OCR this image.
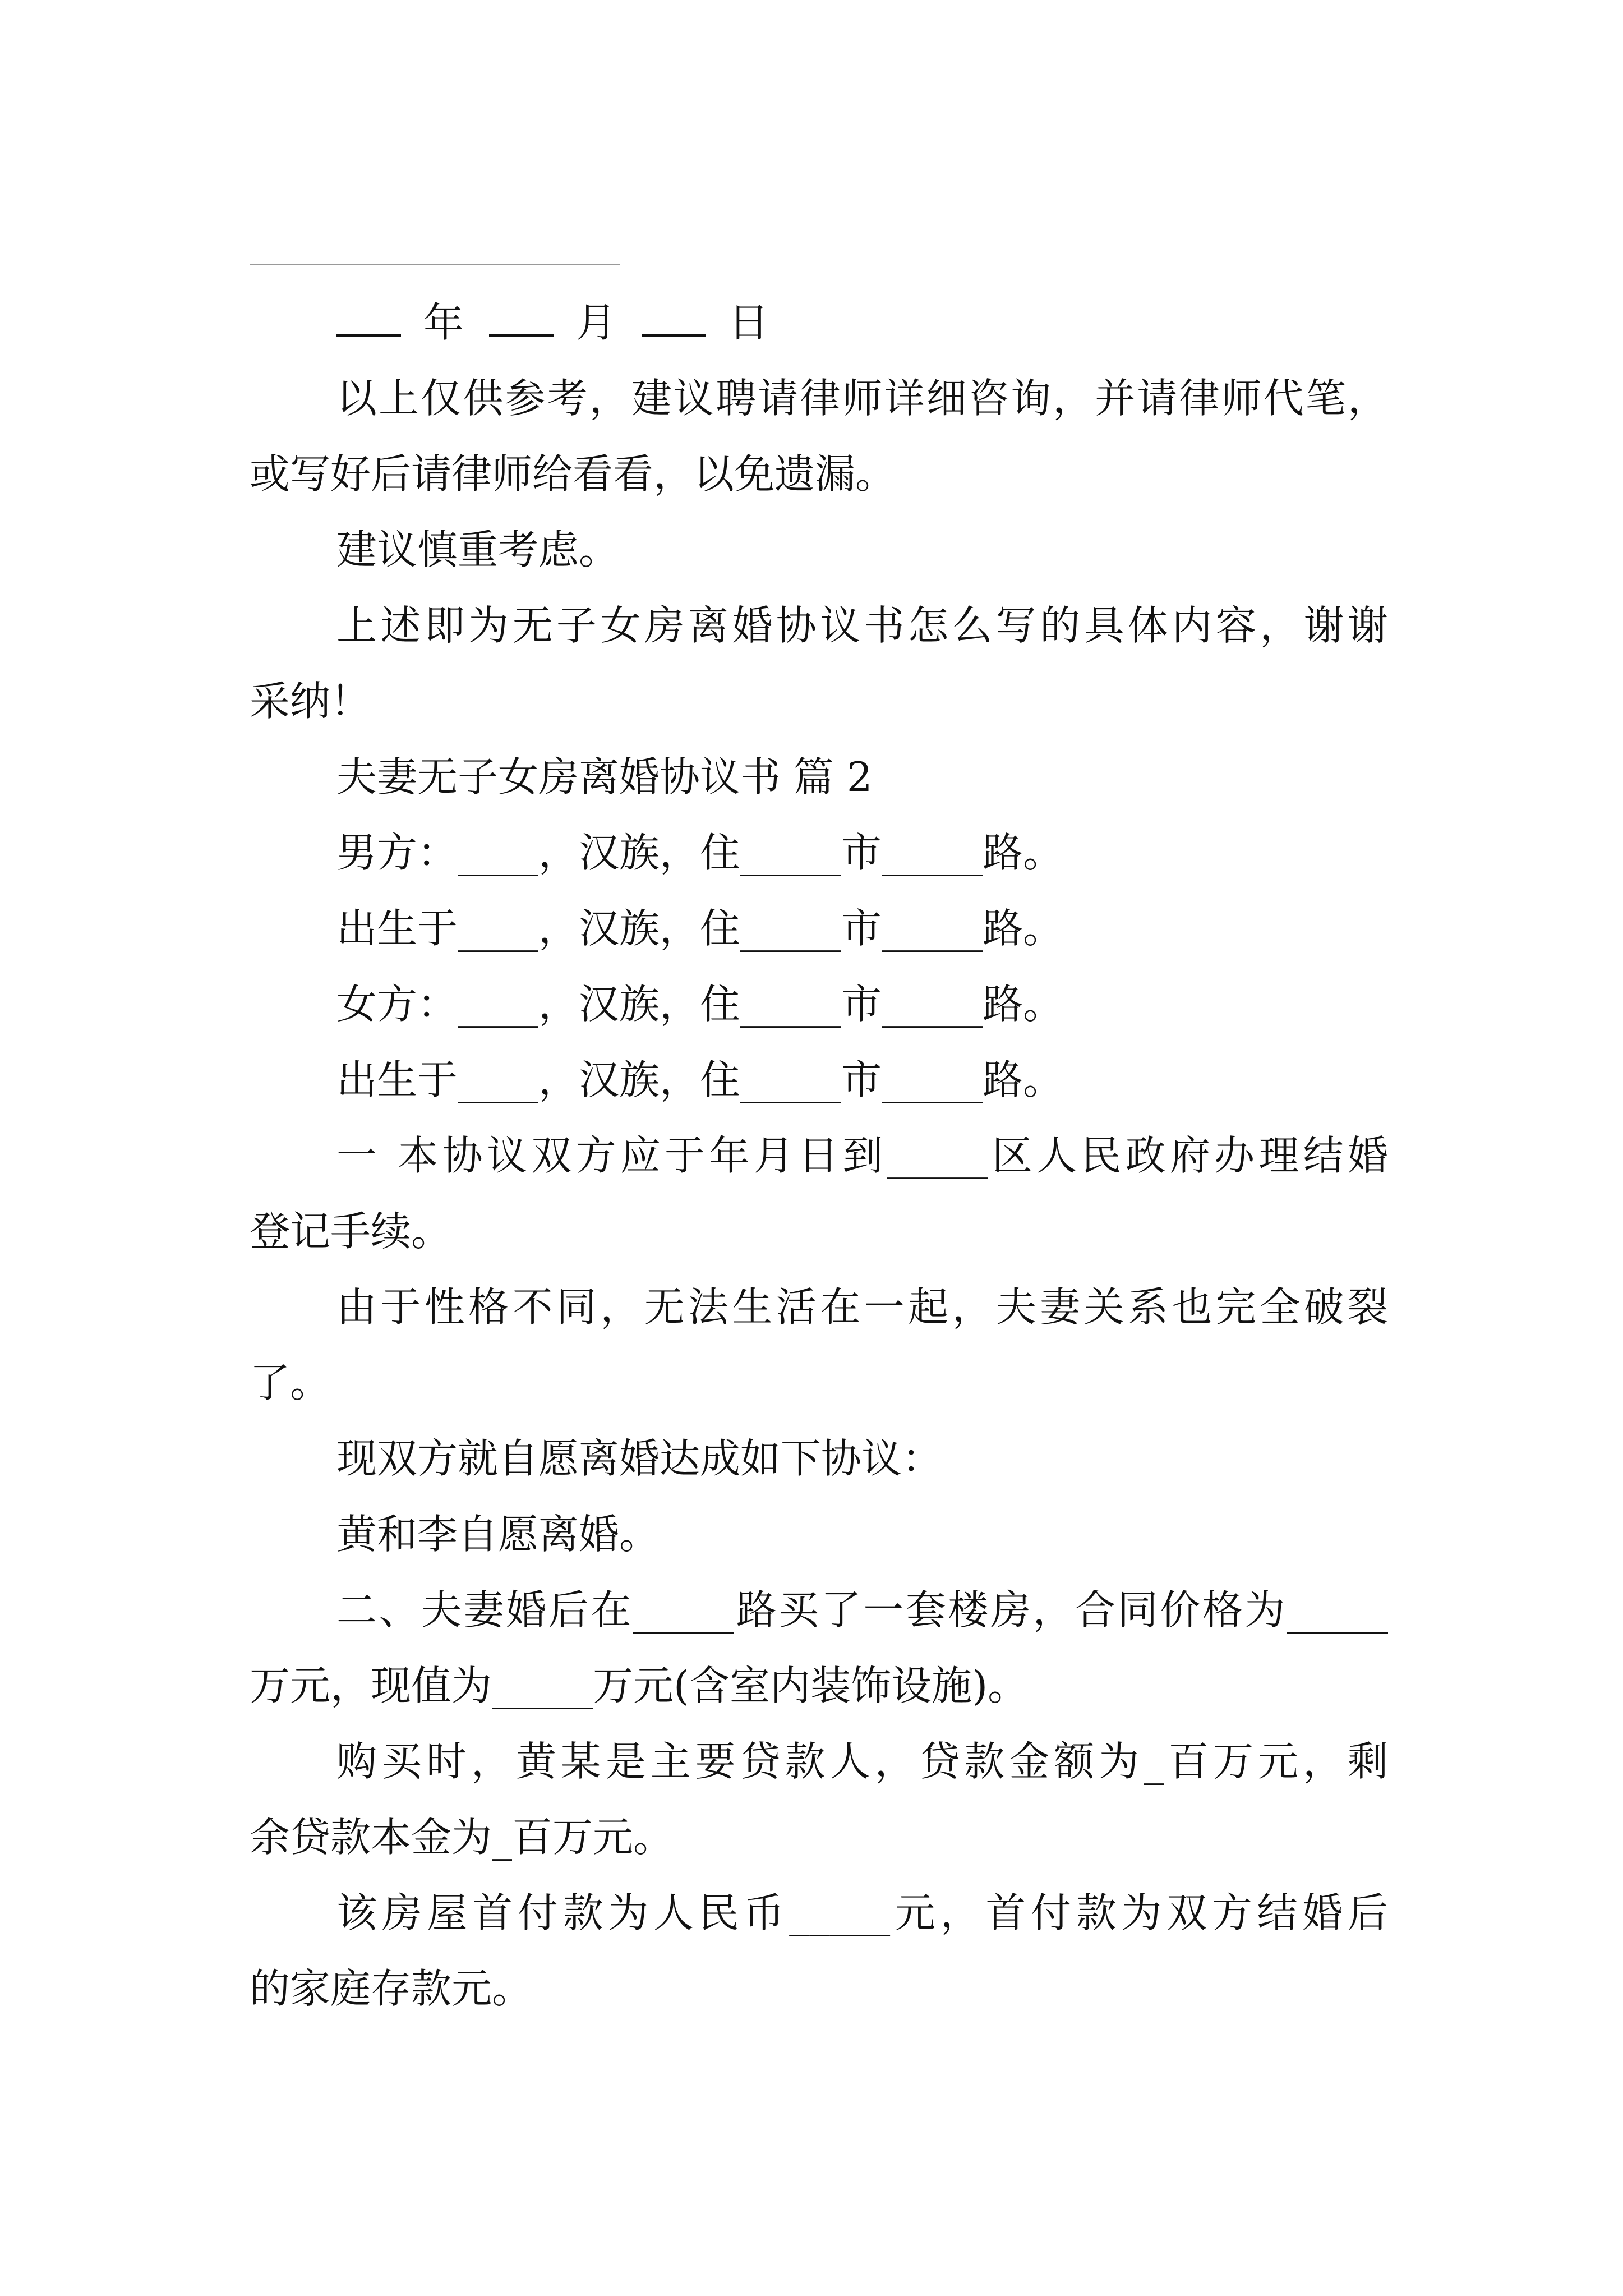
年	月	日
以上仅供参考，建议聘请律师详细咨询，并请律师代笔，
或写好后请律师给看看，以免遗漏。
建议慎重考虑。
上述即为无子女房离婚协议书怎么写的具体内容，谢谢
采纳！
夫妻无子女房离婚协议书 篇 2
男方：____，汉族，住_____市_____路。
出生于____，汉族，住_____市_____路。
女方：____，汉族，住_____市_____路。
出生于____，汉族，住_____市_____路。
一 本协议双方应于年月日到_____区人民政府办理结婚
登记手续。
由于性格不同，无法生活在一起，夫妻关系也完全破裂
了。
现双方就自愿离婚达成如下协议：
黄和李自愿离婚。
二、夫妻婚后在_____路买了一套楼房，合同价格为_____
万元，现值为_____万元(含室内装饰设施)。
购买时，黄某是主要贷款人，贷款金额为_百万元，剩
余贷款本金为_百万元。
该房屋首付款为人民币_____元，首付款为双方结婚后
的家庭存款元。
